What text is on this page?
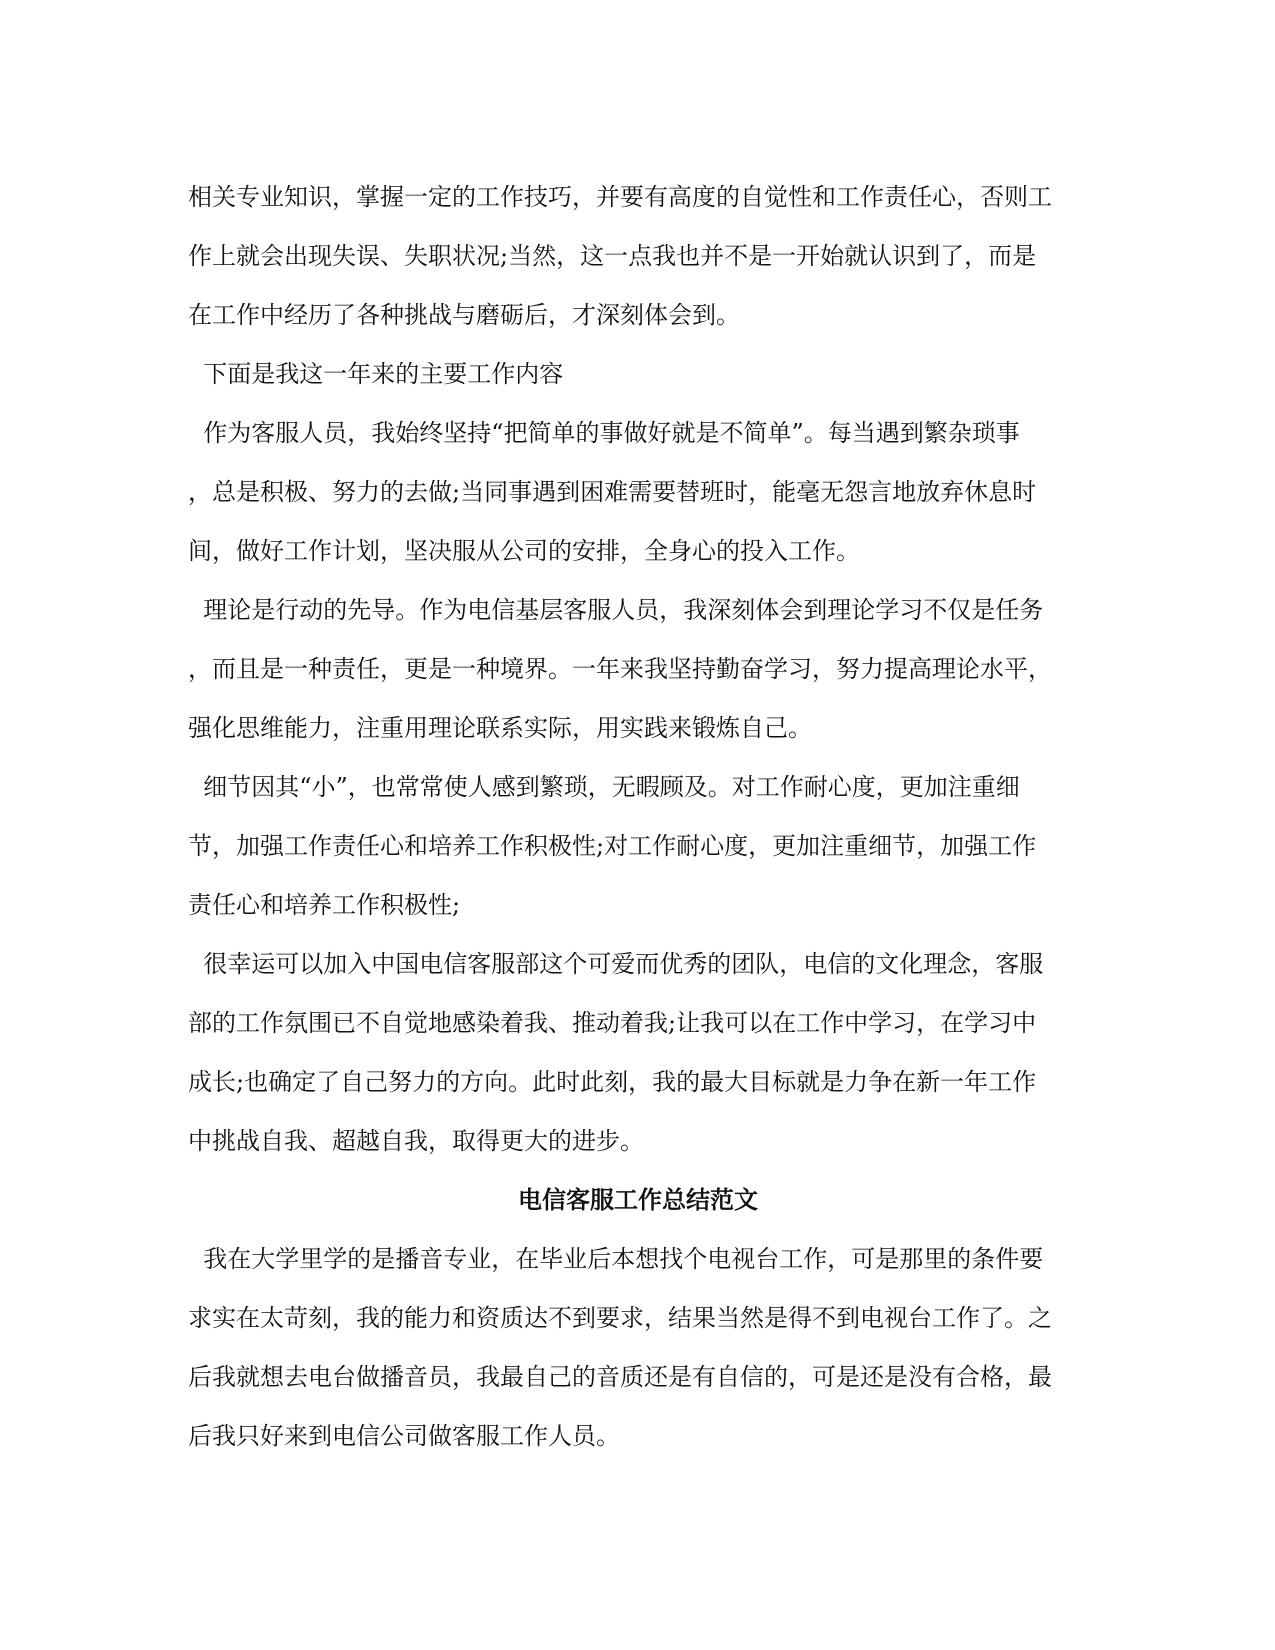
相关专业知识，掌握一定的工作技巧，并要有高度的自觉性和工作责任心，否则工
作上就会出现失误、失职状况;当然，这一点我也并不是一开始就认识到了，而是
在工作中经历了各种挑战与磨砺后，才深刻体会到。
下面是我这一年来的主要工作内容
作为客服人员，我始终坚持“把简单的事做好就是不简单”。每当遇到繁杂琐事
，总是积极、努力的去做;当同事遇到困难需要替班时，能毫无怨言地放弃休息时
间，做好工作计划，坚决服从公司的安排，全身心的投入工作。
理论是行动的先导。作为电信基层客服人员，我深刻体会到理论学习不仅是任务
，而且是一种责任，更是一种境界。一年来我坚持勤奋学习，努力提高理论水平，
强化思维能力，注重用理论联系实际，用实践来锻炼自己。
细节因其“小”，也常常使人感到繁琐，无暇顾及。对工作耐心度，更加注重细
节，加强工作责任心和培养工作积极性;对工作耐心度，更加注重细节，加强工作
责任心和培养工作积极性;
很幸运可以加入中国电信客服部这个可爱而优秀的团队，电信的文化理念，客服
部的工作氛围已不自觉地感染着我、推动着我;让我可以在工作中学习，在学习中
成长;也确定了自己努力的方向。此时此刻，我的最大目标就是力争在新一年工作
中挑战自我、超越自我，取得更大的进步。
电信客服工作总结范文
我在大学里学的是播音专业，在毕业后本想找个电视台工作，可是那里的条件要
求实在太苛刻，我的能力和资质达不到要求，结果当然是得不到电视台工作了。之
后我就想去电台做播音员，我最自己的音质还是有自信的，可是还是没有合格，最
后我只好来到电信公司做客服工作人员。
